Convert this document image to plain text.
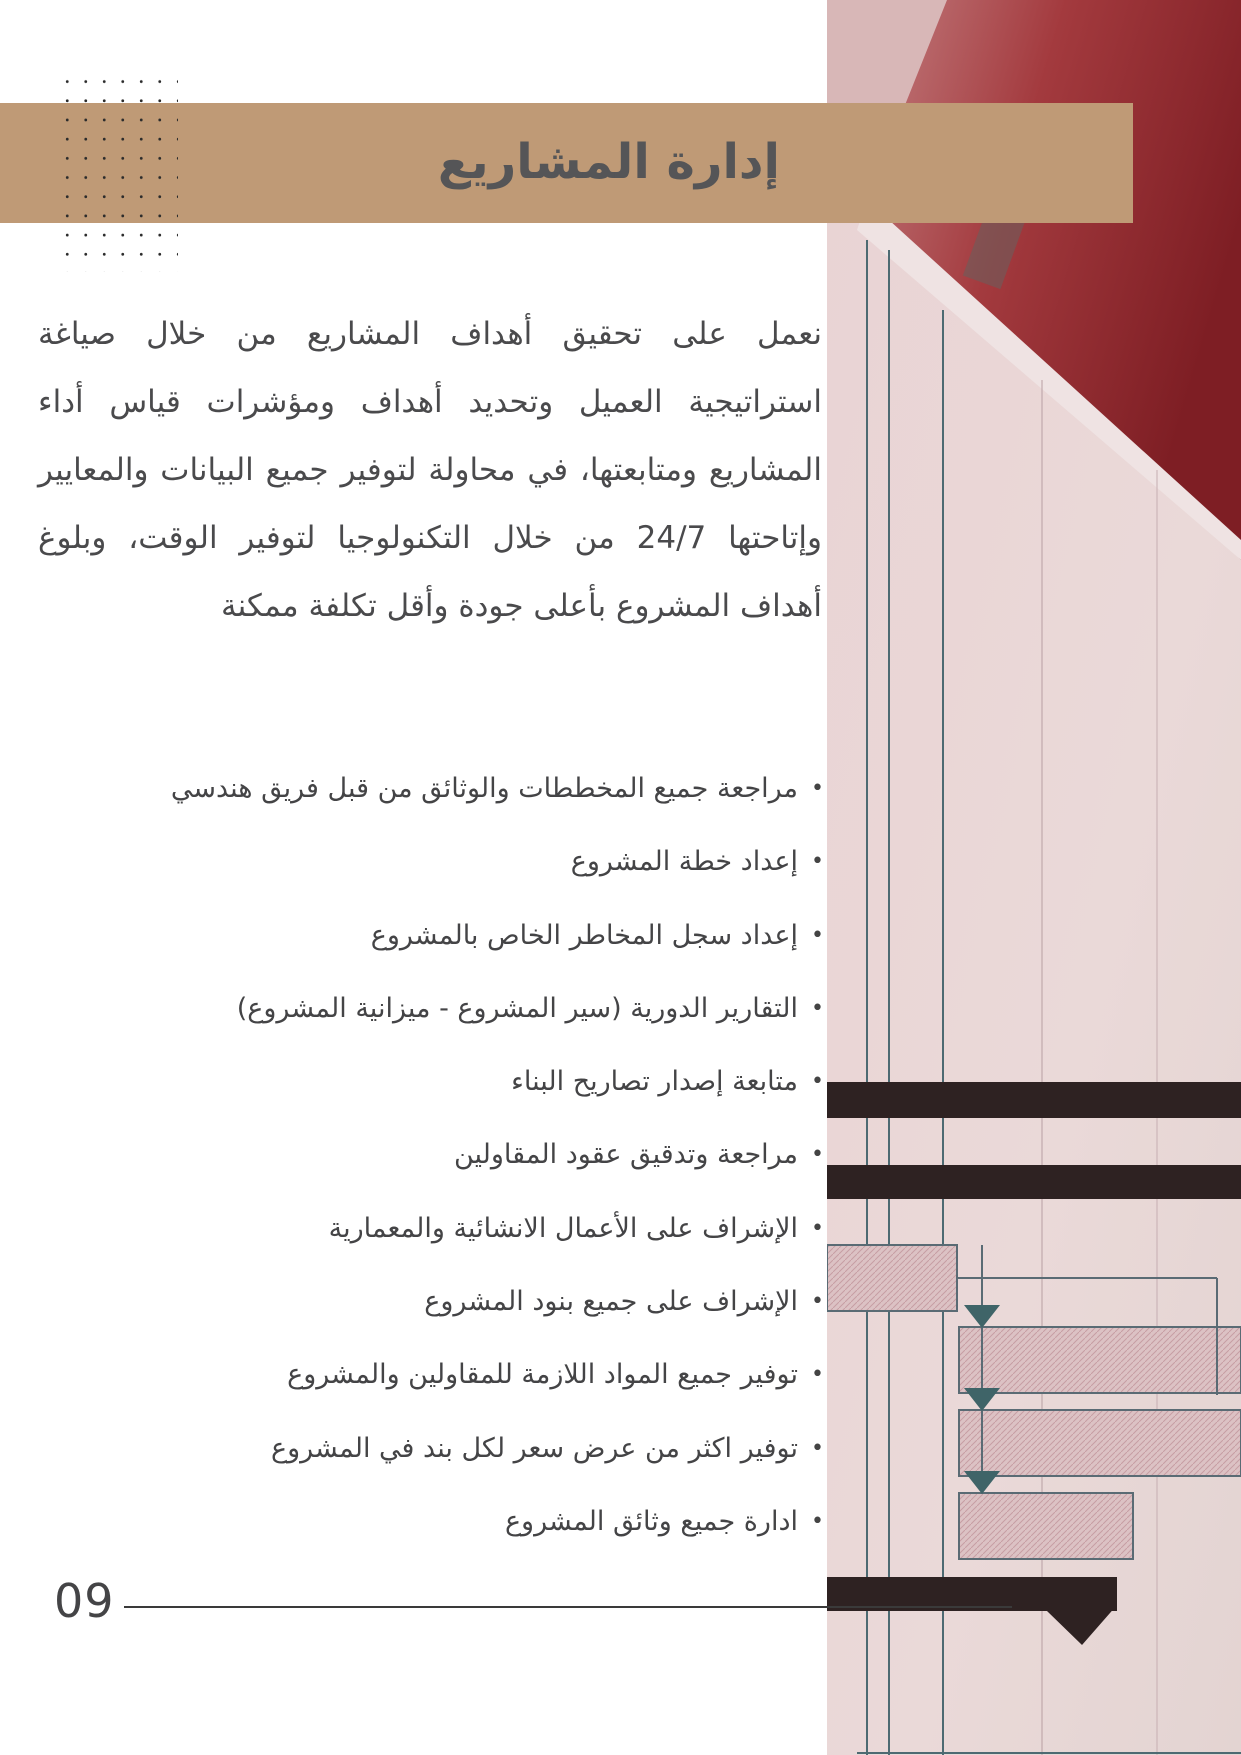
إدارة المشاريع
نعمل على تحقيق أهداف المشاريع من خلال صياغة استراتيجية العميل وتحديد أهداف ومؤشرات قياس أداء المشاريع ومتابعتها، في محاولة لتوفير جميع البيانات والمعايير وإتاحتها 24/7 من خلال التكنولوجيا لتوفير الوقت، وبلوغ أهداف المشروع بأعلى جودة وأقل تكلفة ممكنة
•
مراجعة جميع المخططات والوثائق من قبل فريق هندسي
•
إعداد خطة المشروع
•
إعداد سجل المخاطر الخاص بالمشروع
•
التقارير الدورية (سير المشروع - ميزانية المشروع)
•
متابعة إصدار تصاريح البناء
•
مراجعة وتدقيق عقود المقاولين
•
الإشراف على الأعمال الانشائية والمعمارية
•
الإشراف على جميع بنود المشروع
•
توفير جميع المواد اللازمة للمقاولين والمشروع
•
توفير اكثر من عرض سعر لكل بند في المشروع
•
ادارة جميع وثائق المشروع
09
